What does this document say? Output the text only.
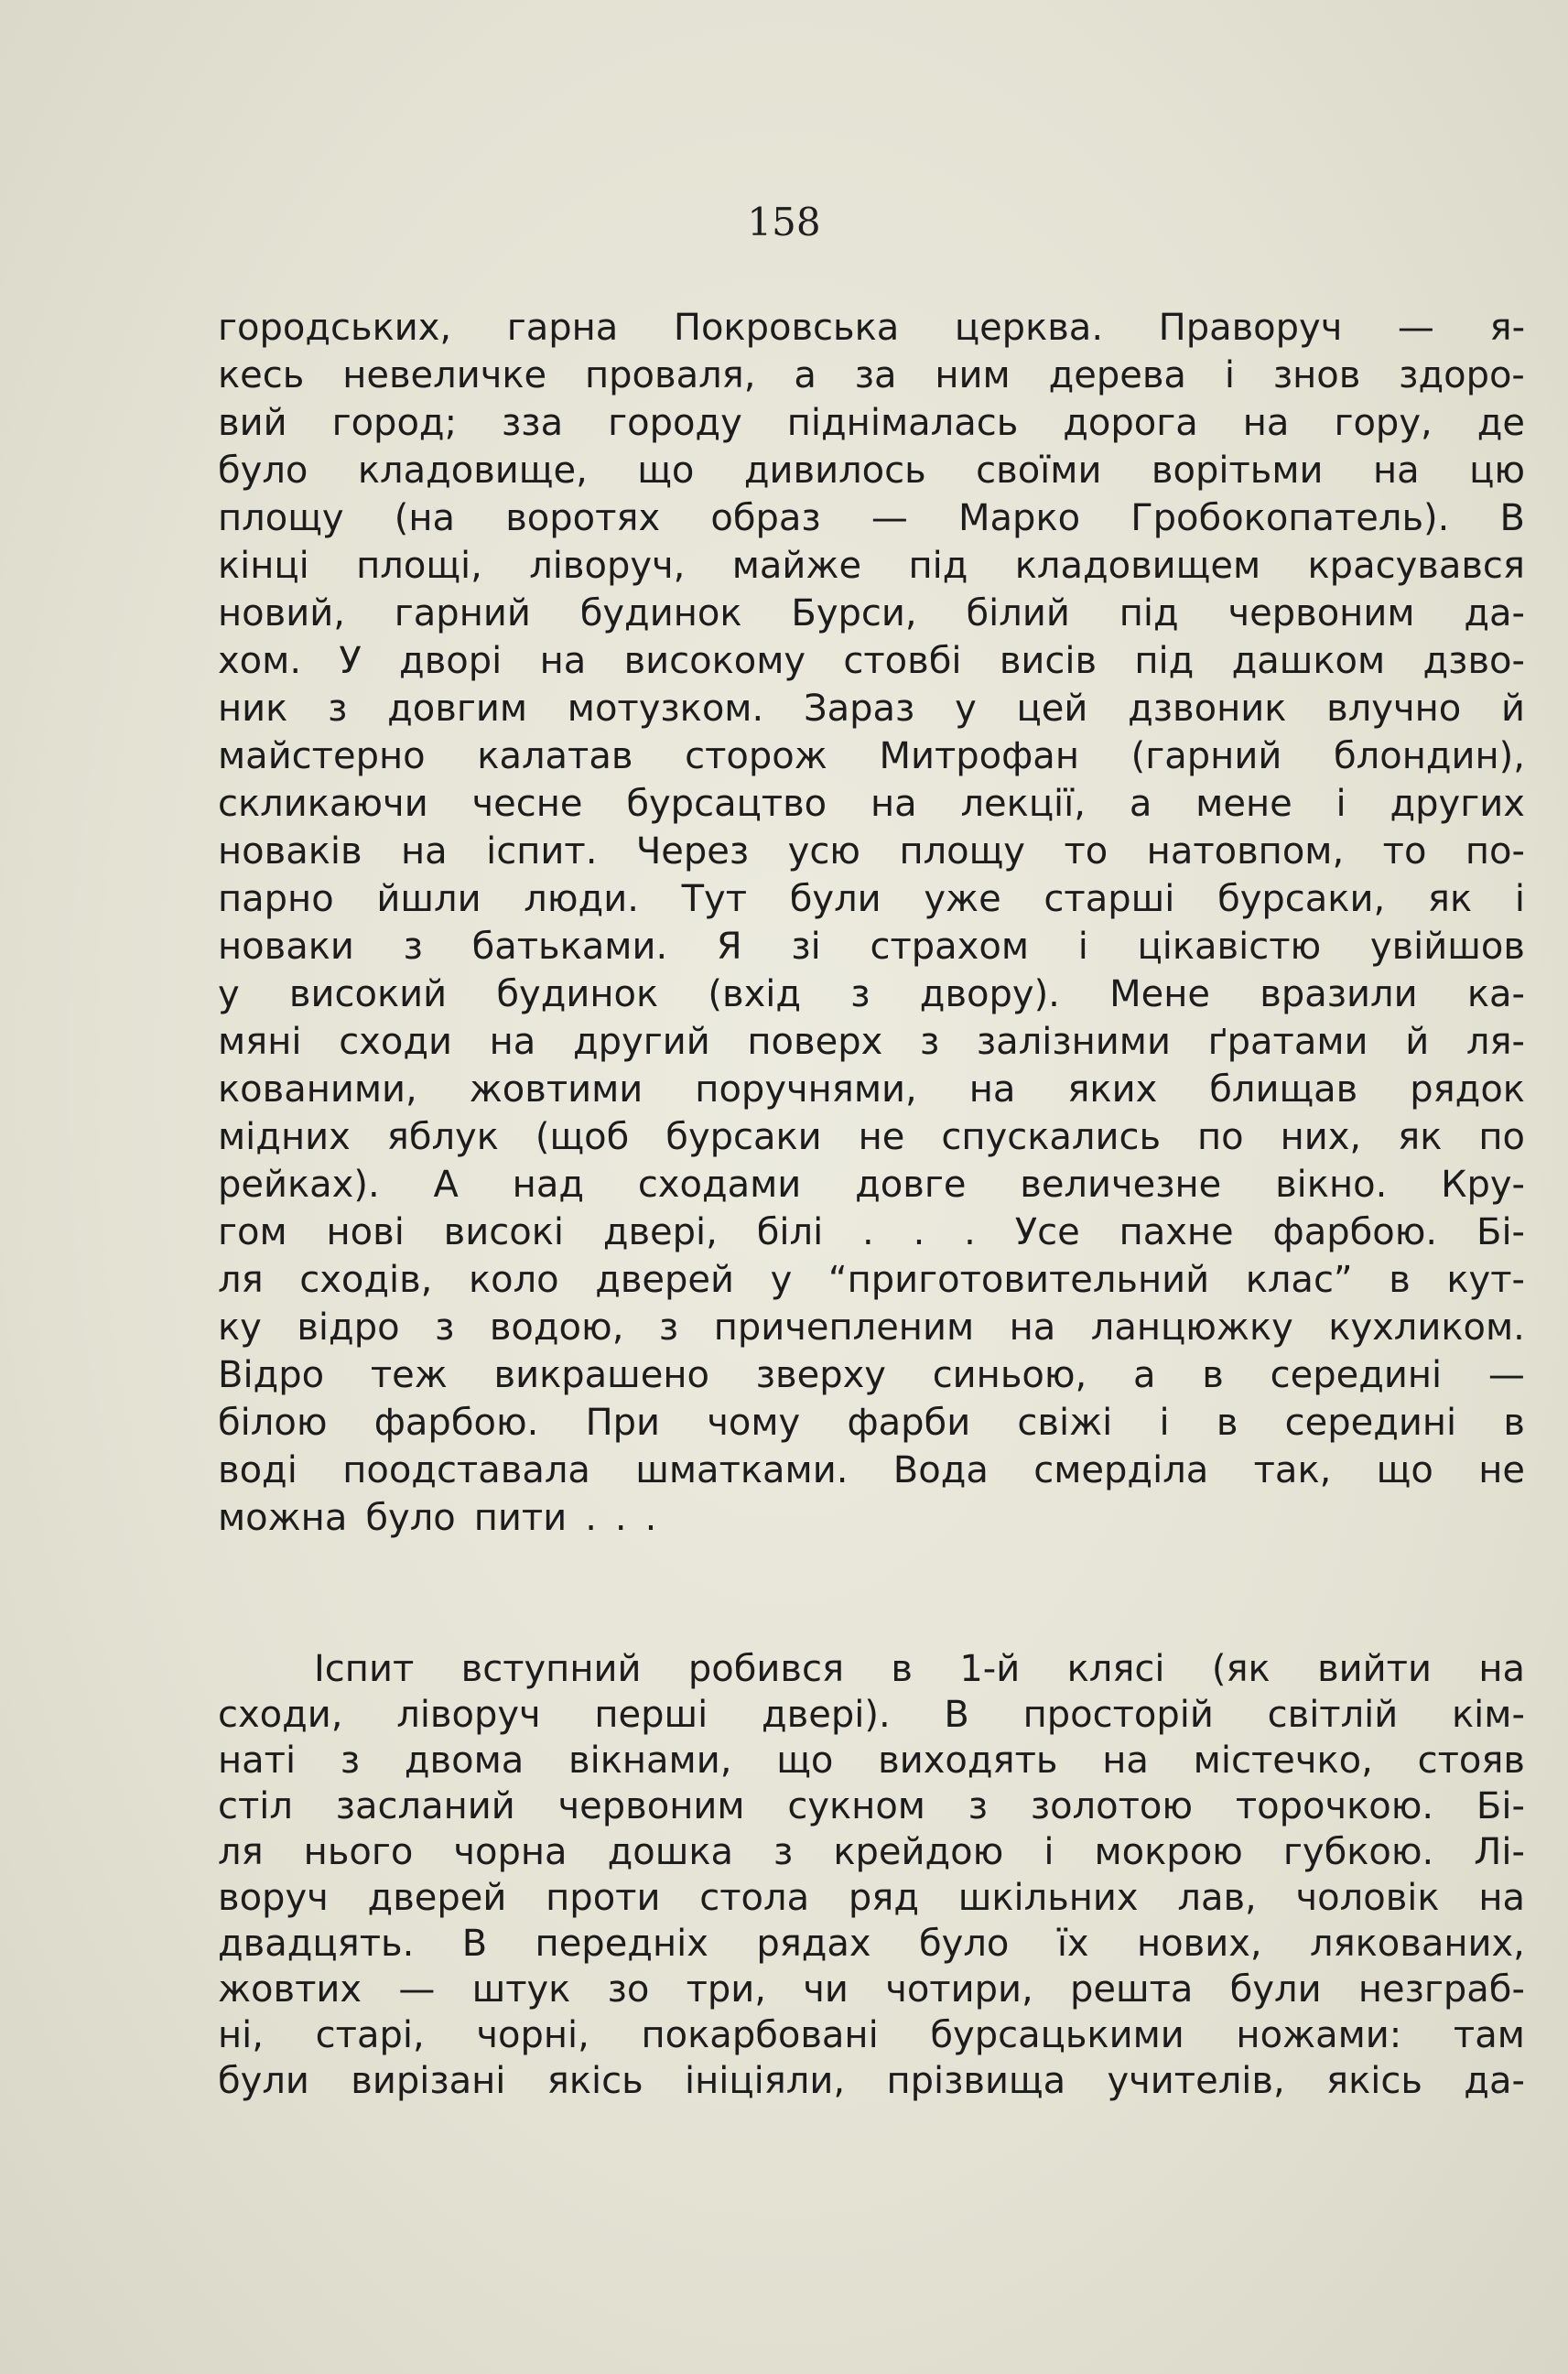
158
городських, гарна Покровська церква. Праворуч — я-
кесь невеличке проваля, а за ним дерева і знов здоро-
вий город; зза городу піднімалась дорога на гору, де
було кладовище, що дивилось своїми ворітьми на цю
площу (на воротях образ — Марко Гробокопатель). В
кінці площі, ліворуч, майже під кладовищем красувався
новий, гарний будинок Бурси, білий під червоним да-
хом. У дворі на високому стовбі висів під дашком дзво-
ник з довгим мотузком. Зараз у цей дзвоник влучно й
майстерно калатав сторож Митрофан (гарний блондин),
скликаючи чесне бурсацтво на лекції, а мене і других
новаків на іспит. Через усю площу то натовпом, то по-
парно йшли люди. Тут були уже старші бурсаки, як і
новаки з батьками. Я зі страхом і цікавістю увійшов
у високий будинок (вхід з двору). Мене вразили ка-
мяні сходи на другий поверх з залізними ґратами й ля-
кованими, жовтими поручнями, на яких блищав рядок
мідних яблук (щоб бурсаки не спускались по них, як по
рейках). А над сходами довге величезне вікно. Кру-
гом нові високі двері, білі . . . Усе пахне фарбою. Бі-
ля сходів, коло дверей у “приготовительний клас” в кут-
ку відро з водою, з причепленим на ланцюжку кухликом.
Відро теж викрашено зверху синьою, а в середині —
білою фарбою. При чому фарби свіжі і в середині в
воді поодставала шматками. Вода смерділа так, що не
можна було пити . . .
Іспит вступний робився в 1-й клясі (як вийти на
сходи, ліворуч перші двері). В просторій світлій кім-
наті з двома вікнами, що виходять на містечко, стояв
стіл засланий червоним сукном з золотою торочкою. Бі-
ля нього чорна дошка з крейдою і мокрою губкою. Лі-
воруч дверей проти стола ряд шкільних лав, чоловік на
двадцять. В передніх рядах було їх нових, лякованих,
жовтих — штук зо три, чи чотири, решта були незграб-
ні, старі, чорні, покарбовані бурсацькими ножами: там
були вирізані якісь ініціяли, прізвища учителів, якісь да-
